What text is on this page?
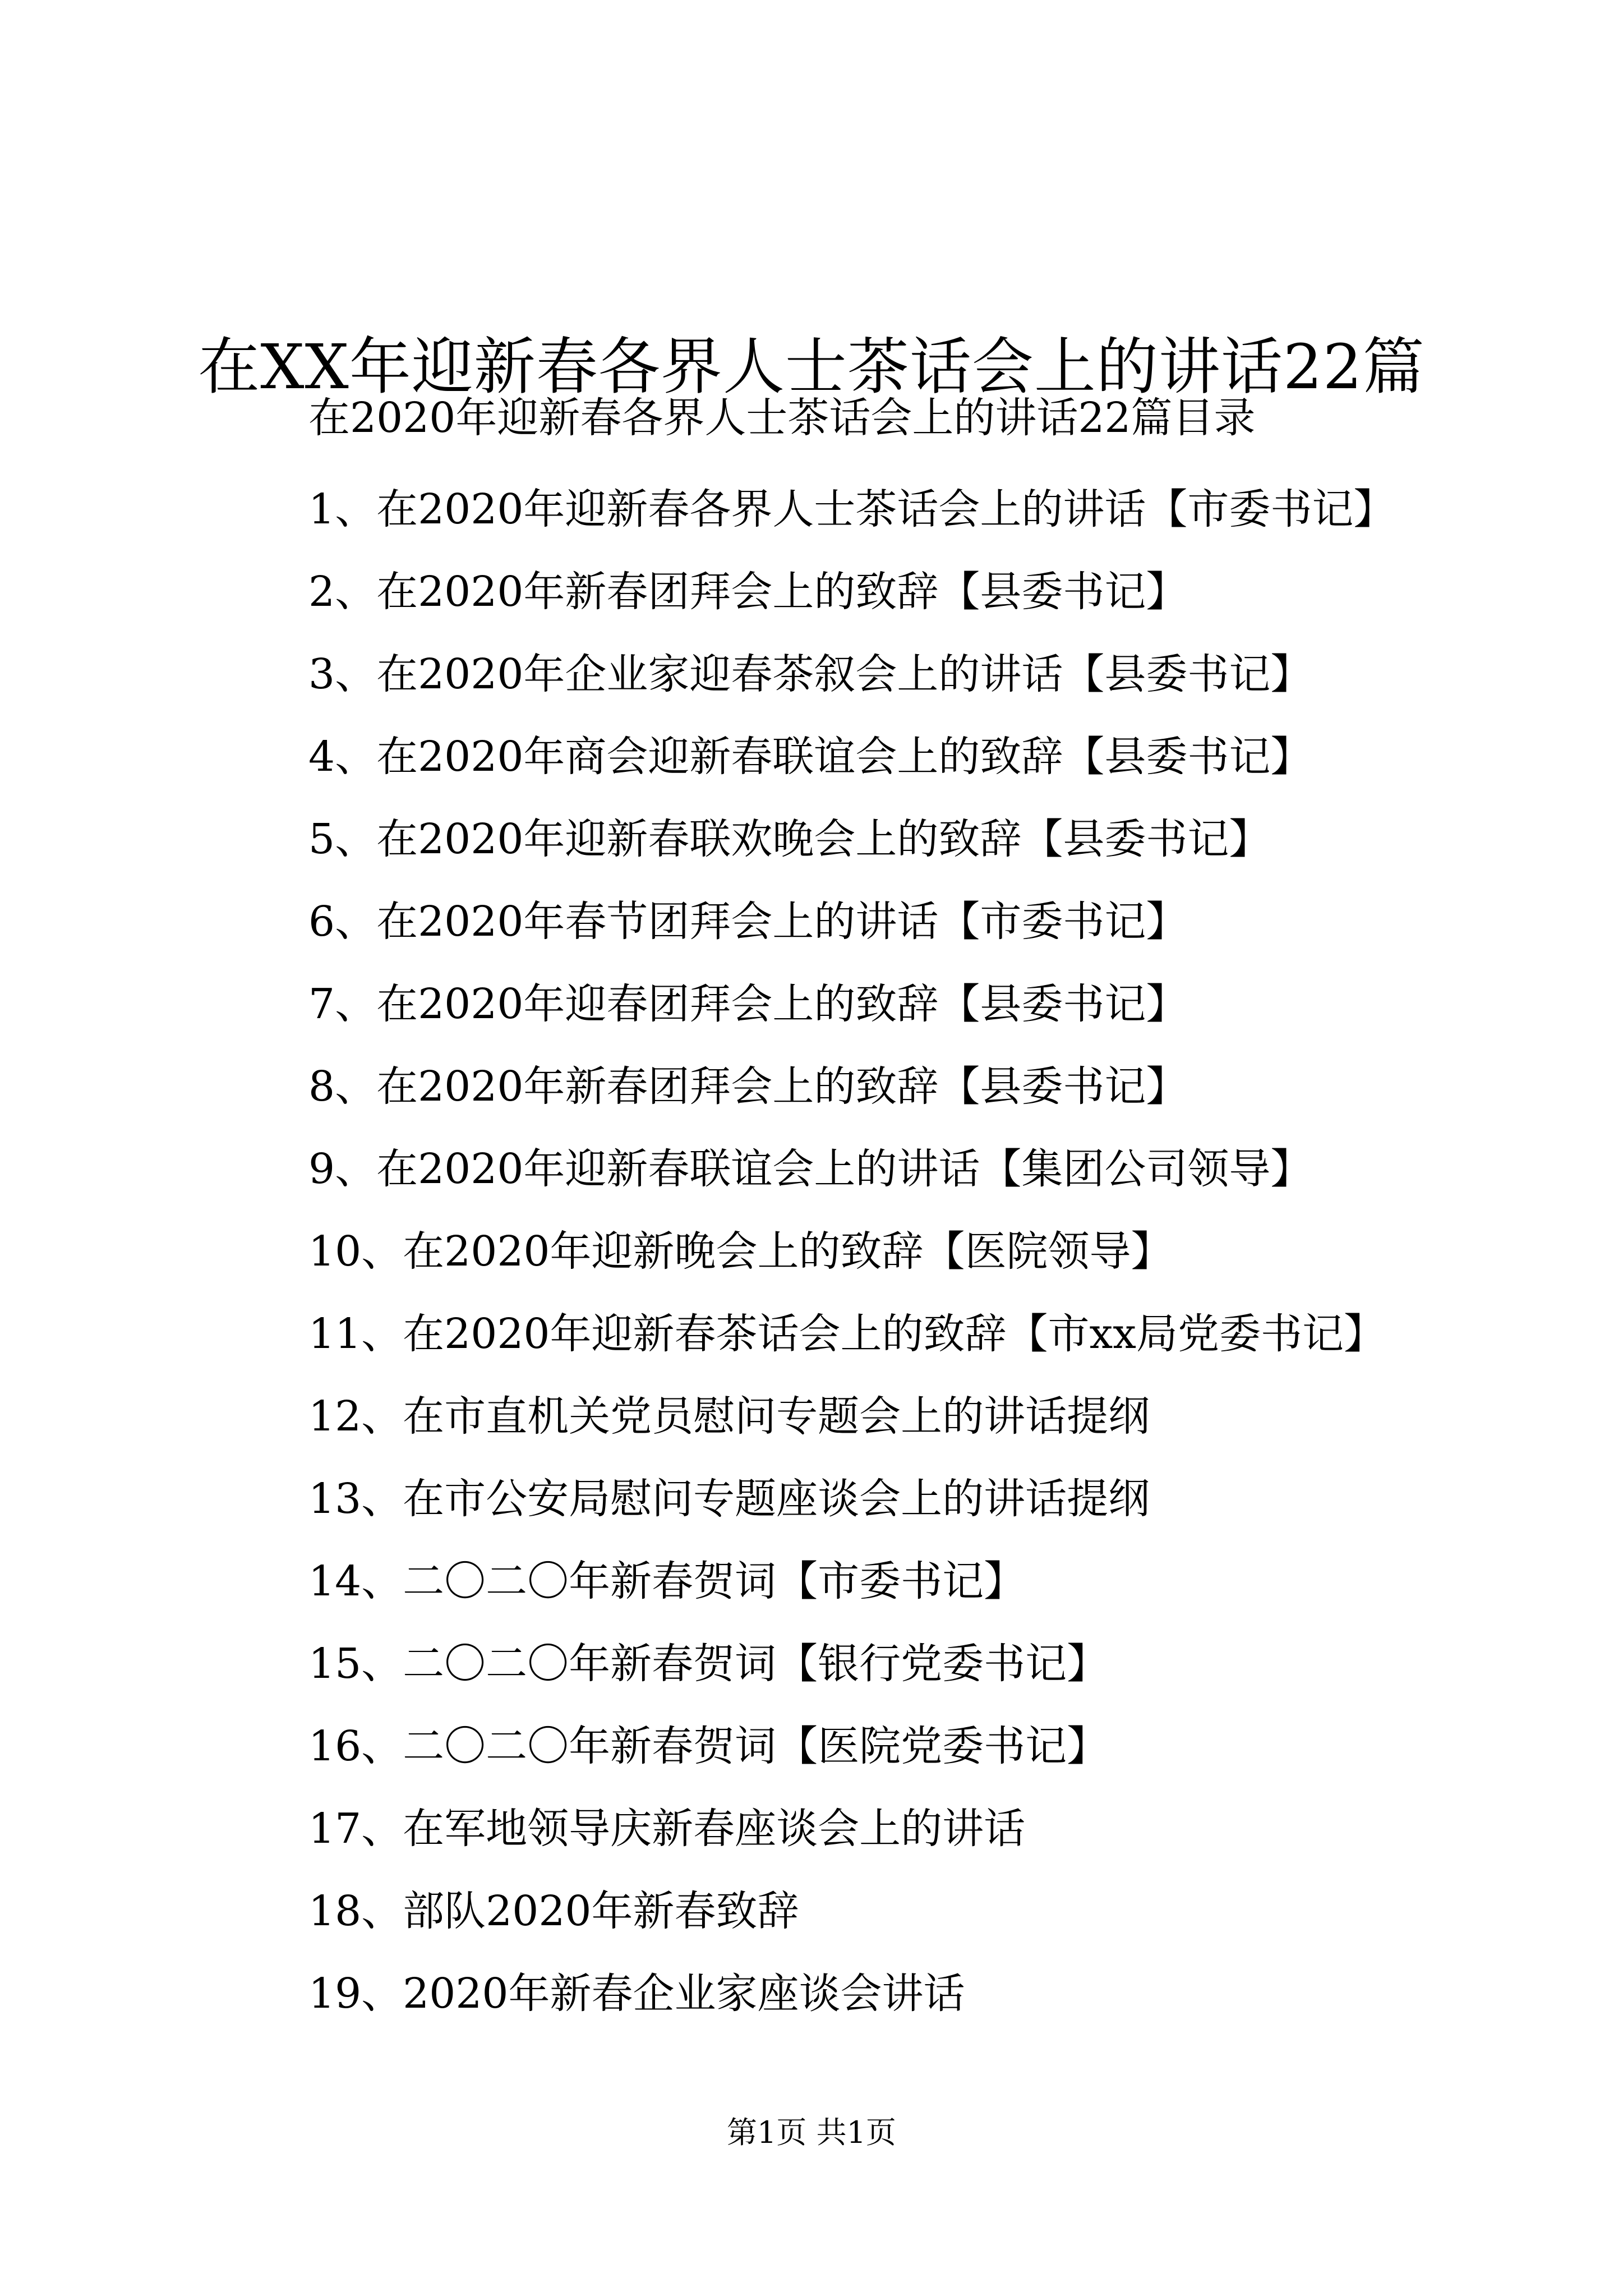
在XX年迎新春各界人士茶话会上的讲话22篇
在2020年迎新春各界人士茶话会上的讲话22篇目录
1、在2020年迎新春各界人士茶话会上的讲话【市委书记】
2、在2020年新春团拜会上的致辞【县委书记】
3、在2020年企业家迎春茶叙会上的讲话【县委书记】
4、在2020年商会迎新春联谊会上的致辞【县委书记】
5、在2020年迎新春联欢晚会上的致辞【县委书记】
6、在2020年春节团拜会上的讲话【市委书记】
7、在2020年迎春团拜会上的致辞【县委书记】
8、在2020年新春团拜会上的致辞【县委书记】
9、在2020年迎新春联谊会上的讲话【集团公司领导】
10、在2020年迎新晚会上的致辞【医院领导】
11、在2020年迎新春茶话会上的致辞【市xx局党委书记】
12、在市直机关党员慰问专题会上的讲话提纲
13、在市公安局慰问专题座谈会上的讲话提纲
14、二〇二〇年新春贺词【市委书记】
15、二〇二〇年新春贺词【银行党委书记】
16、二〇二〇年新春贺词【医院党委书记】
17、在军地领导庆新春座谈会上的讲话
18、部队2020年新春致辞
19、2020年新春企业家座谈会讲话
第1页 共1页
